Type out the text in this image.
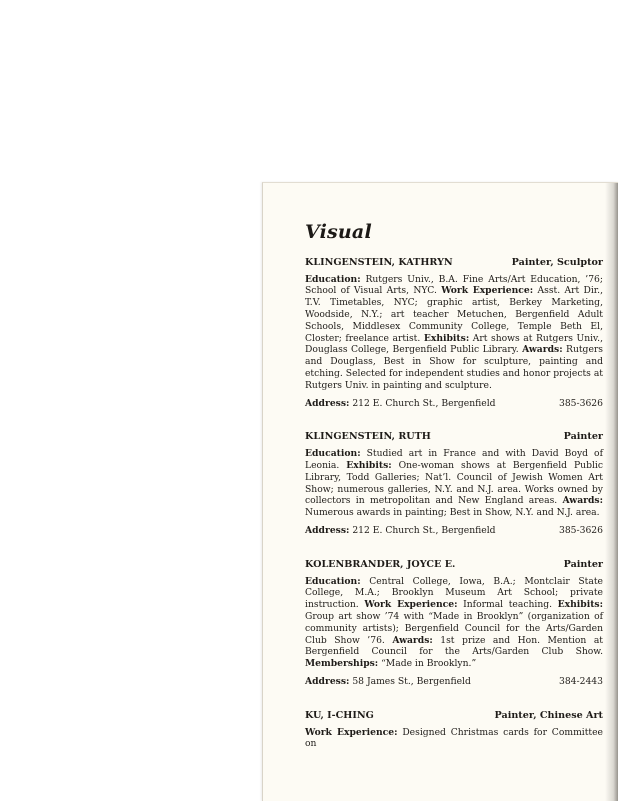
Visual
KLINGENSTEIN, KATHRYN	Painter, Sculptor
Education: Rutgers Univ., B.A. Fine Arts/Art Education, ’76; School of Visual Arts, NYC. Work Experience: Asst. Art Dir., T.V. Timetables, NYC; graphic artist, Berkey Marketing, Woodside, N.Y.; art teacher Metuchen, Bergenfield Adult Schools, Middlesex Community College, Temple Beth El, Closter; freelance artist. Exhibits: Art shows at Rutgers Univ., Douglass College, Bergenfield Public Library. Awards: Rutgers and Douglass, Best in Show for sculpture, painting and etching. Selected for independent studies and honor projects at Rutgers Univ. in painting and sculpture.
Address: 212 E. Church St., Bergenfield	385-3626
KLINGENSTEIN, RUTH	Painter
Education: Studied art in France and with David Boyd of Leonia. Exhibits: One-woman shows at Bergenfield Public Library, Todd Galleries; Nat’l. Council of Jewish Women Art Show; numerous galleries, N.Y. and N.J. area. Works owned by collectors in metropolitan and New England areas. Awards: Numerous awards in painting; Best in Show, N.Y. and N.J. area.
Address: 212 E. Church St., Bergenfield	385-3626
KOLENBRANDER, JOYCE E.	Painter
Education: Central College, Iowa, B.A.; Montclair State College, M.A.; Brooklyn Museum Art School; private instruction. Work Experience: Informal teaching. Exhibits: Group art show ’74 with “Made in Brooklyn” (organization of community artists); Bergenfield Council for the Arts/Garden Club Show ’76. Awards: 1st prize and Hon. Mention at Bergenfield Council for the Arts/Garden Club Show. Memberships: “Made in Brooklyn.”
Address: 58 James St., Bergenfield	384-2443
KU, I-CHING	Painter, Chinese Art
Work Experience: Designed Christmas cards for Committee on
